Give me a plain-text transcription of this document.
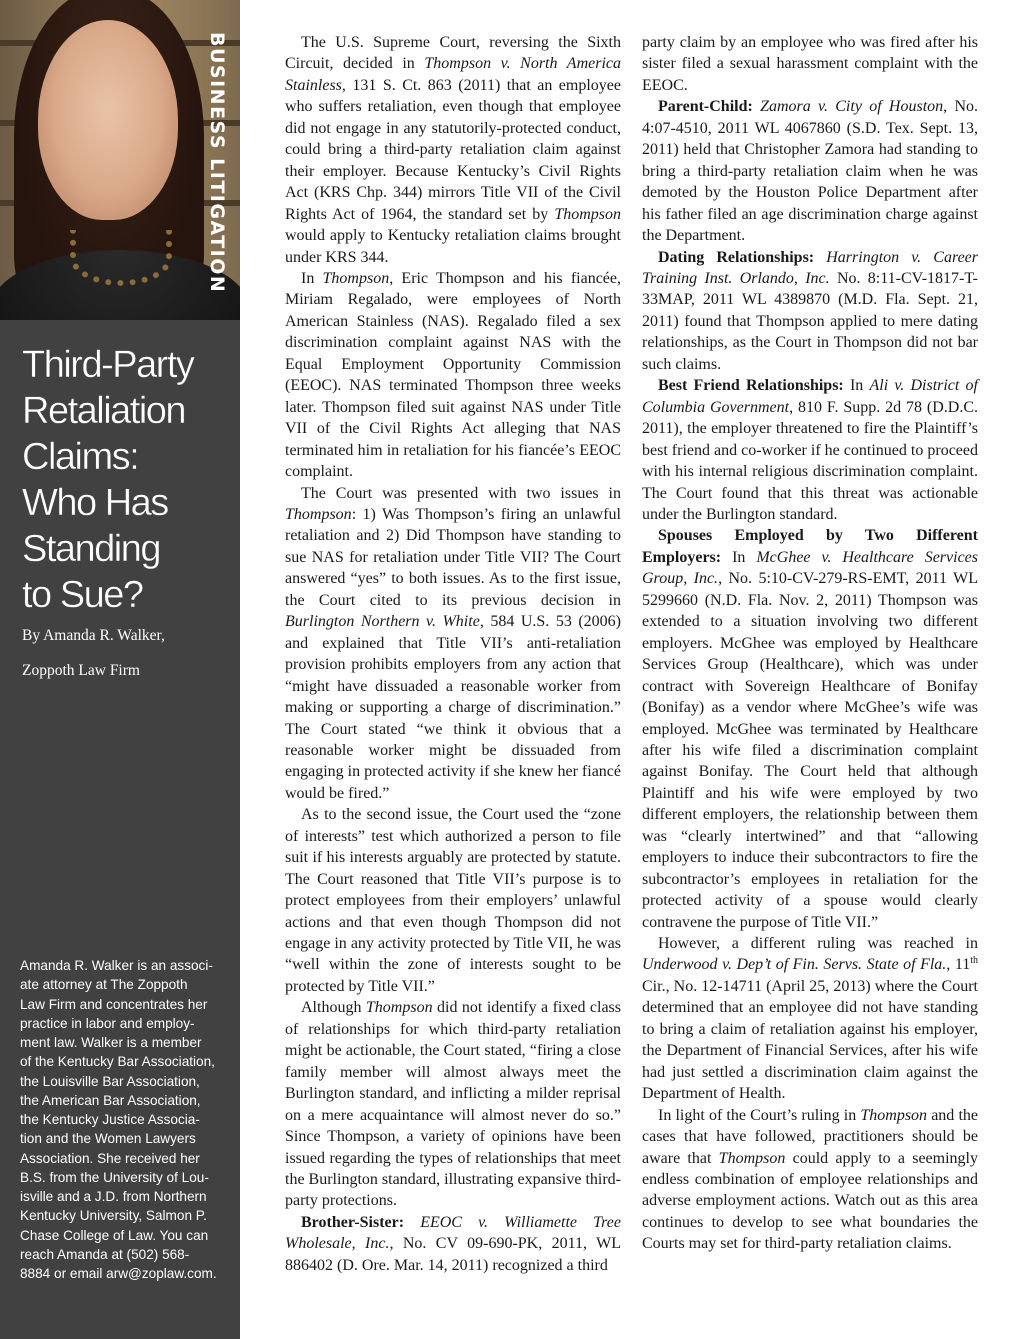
BUSINESS LITIGATION
Third-Party
Retaliation
Claims:
Who Has
Standing
to Sue?
By Amanda R. Walker,
Zoppoth Law Firm
Amanda R. Walker is an associ-
ate attorney at The Zoppoth
Law Firm and concentrates her
practice in labor and employ-
ment law. Walker is a member
of the Kentucky Bar Association,
the Louisville Bar Association,
the American Bar Association,
the Kentucky Justice Associa-
tion and the Women Lawyers
Association. She received her
B.S. from the University of Lou-
isville and a J.D. from Northern
Kentucky University, Salmon P.
Chase College of Law. You can
reach Amanda at (502) 568-
8884 or email arw@zoplaw.com.

The U.S. Supreme Court, reversing the Sixth Circuit, decided in Thompson v. North America Stainless, 131 S. Ct. 863 (2011) that an employee who suffers retaliation, even though that employee did not engage in any statutorily-protected conduct, could bring a third-party retaliation claim against their employer. Because Kentucky’s Civil Rights Act (KRS Chp. 344) mirrors Title VII of the Civil Rights Act of 1964, the standard set by Thompson would apply to Kentucky retaliation claims brought under KRS 344.

In Thompson, Eric Thompson and his fiancée, Miriam Regalado, were employees of North American Stainless (NAS). Regalado filed a sex discrimination complaint against NAS with the Equal Employment Opportunity Commission (EEOC). NAS terminated Thompson three weeks later. Thompson filed suit against NAS under Title VII of the Civil Rights Act alleging that NAS terminated him in retaliation for his fiancée’s EEOC complaint.

The Court was presented with two issues in Thompson: 1) Was Thompson’s firing an unlawful retaliation and 2) Did Thompson have standing to sue NAS for retaliation under Title VII? The Court answered “yes” to both issues. As to the first issue, the Court cited to its previous decision in Burlington Northern v. White, 584 U.S. 53 (2006) and explained that Title VII’s anti-retaliation provision prohibits employers from any action that “might have dissuaded a reasonable worker from making or supporting a charge of discrimination.” The Court stated “we think it obvious that a reasonable worker might be dissuaded from engaging in protected activity if she knew her fiancé would be fired.”

As to the second issue, the Court used the “zone of interests” test which authorized a person to file suit if his interests arguably are protected by statute. The Court reasoned that Title VII’s purpose is to protect employees from their employers’ unlawful actions and that even though Thompson did not engage in any activity protected by Title VII, he was “well within the zone of interests sought to be protected by Title VII.”

Although Thompson did not identify a fixed class of relationships for which third-party retaliation might be actionable, the Court stated, “firing a close family member will almost always meet the Burlington standard, and inflicting a milder reprisal on a mere acquaintance will almost never do so.” Since Thompson, a variety of opinions have been issued regarding the types of relationships that meet the Burlington standard, illustrating expansive third-party protections.

Brother-Sister: EEOC v. Williamette Tree Wholesale, Inc., No. CV 09-690-PK, 2011, WL 886402 (D. Ore. Mar. 14, 2011) recognized a third

party claim by an employee who was fired after his sister filed a sexual harassment complaint with the EEOC.

Parent-Child: Zamora v. City of Houston, No. 4:07-4510, 2011 WL 4067860 (S.D. Tex. Sept. 13, 2011) held that Christopher Zamora had standing to bring a third-party retaliation claim when he was demoted by the Houston Police Department after his father filed an age discrimination charge against the Department.

Dating Relationships: Harrington v. Career Training Inst. Orlando, Inc. No. 8:11-CV-1817-T-33MAP, 2011 WL 4389870 (M.D. Fla. Sept. 21, 2011) found that Thompson applied to mere dating relationships, as the Court in Thompson did not bar such claims.

Best Friend Relationships: In Ali v. District of Columbia Government, 810 F. Supp. 2d 78 (D.D.C. 2011), the employer threatened to fire the Plaintiff’s best friend and co-worker if he continued to proceed with his internal religious discrimination complaint. The Court found that this threat was actionable under the Burlington standard.

Spouses Employed by Two Different Employers: In McGhee v. Healthcare Services Group, Inc., No. 5:10-CV-279-RS-EMT, 2011 WL 5299660 (N.D. Fla. Nov. 2, 2011) Thompson was extended to a situation involving two different employers. McGhee was employed by Healthcare Services Group (Healthcare), which was under contract with Sovereign Healthcare of Bonifay (Bonifay) as a vendor where McGhee’s wife was employed. McGhee was terminated by Healthcare after his wife filed a discrimination complaint against Bonifay. The Court held that although Plaintiff and his wife were employed by two different employers, the relationship between them was “clearly intertwined” and that “allowing employers to induce their subcontractors to fire the subcontractor’s employees in retaliation for the protected activity of a spouse would clearly contravene the purpose of Title VII.”

However, a different ruling was reached in Underwood v. Dep’t of Fin. Servs. State of Fla., 11th Cir., No. 12-14711 (April 25, 2013) where the Court determined that an employee did not have standing to bring a claim of retaliation against his employer, the Department of Financial Services, after his wife had just settled a discrimination claim against the Department of Health.

In light of the Court’s ruling in Thompson and the cases that have followed, practitioners should be aware that Thompson could apply to a seemingly endless combination of employee relationships and adverse employment actions. Watch out as this area continues to develop to see what boundaries the Courts may set for third-party retaliation claims.
